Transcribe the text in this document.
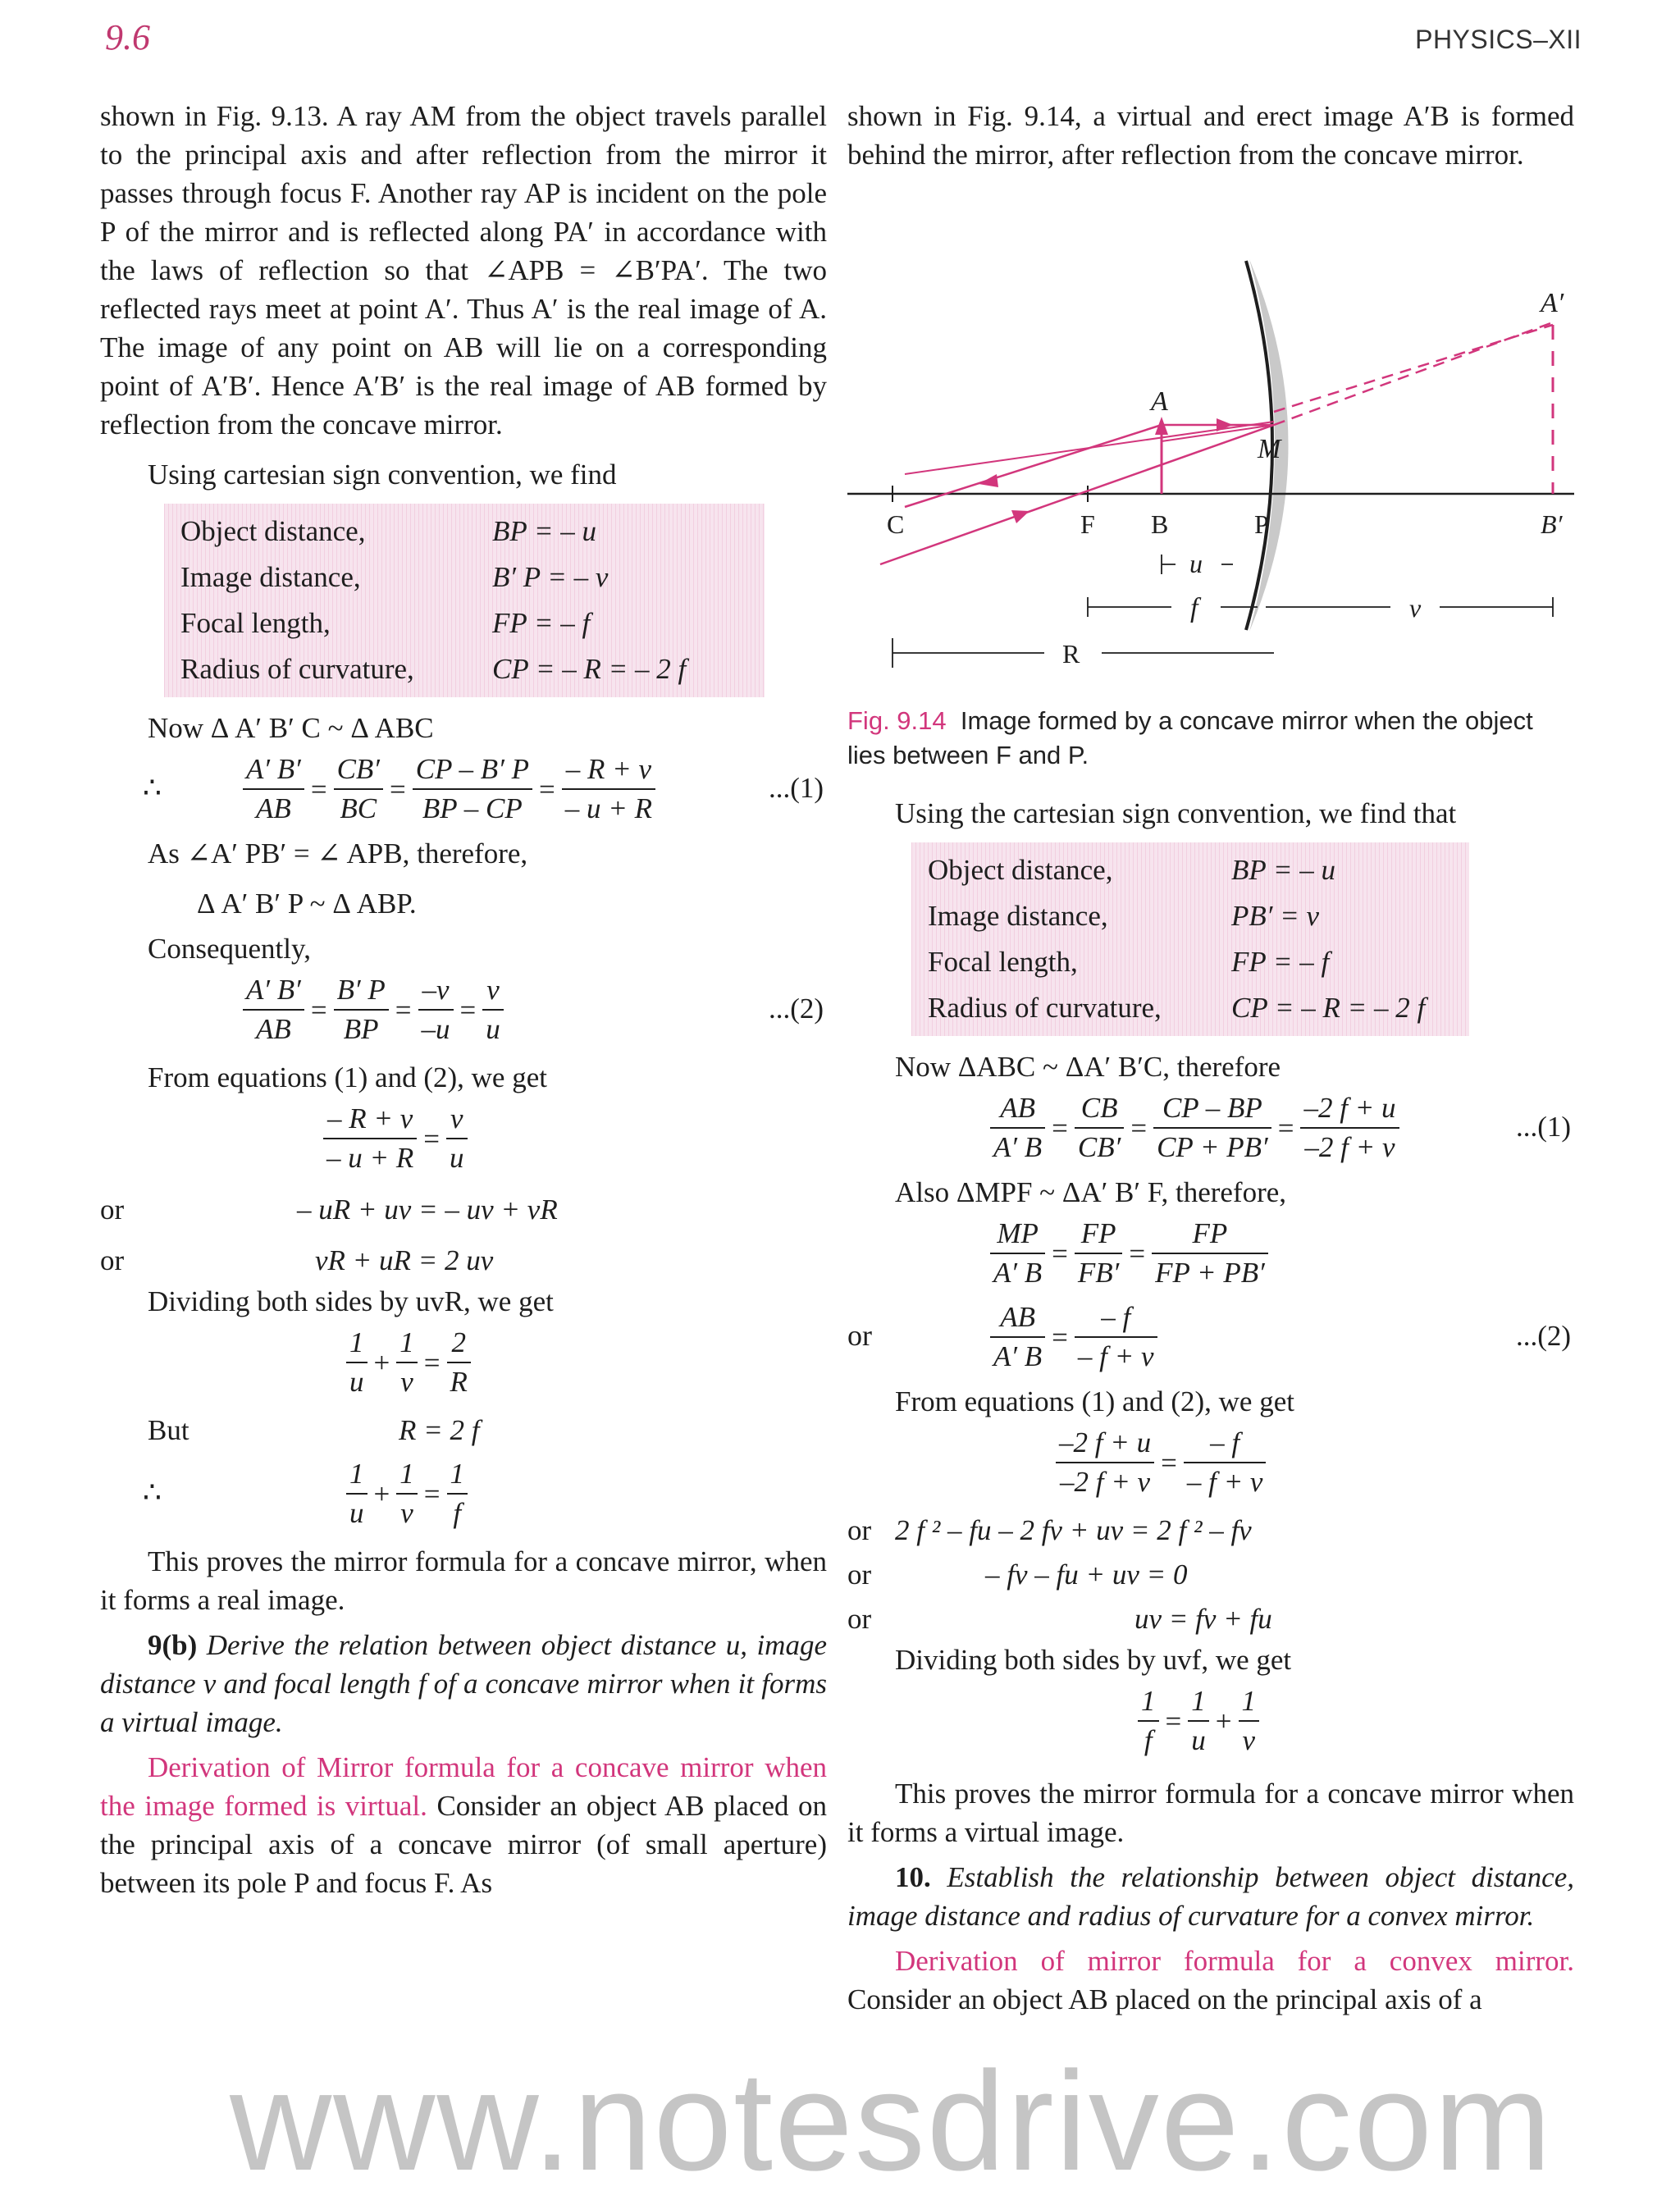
9.6	PHYSICS–XII

shown in Fig. 9.13. A ray AM from the object travels parallel to the principal axis and after reflection from the mirror it passes through focus F. Another ray AP is incident on the pole P of the mirror and is reflected along PA′ in accordance with the laws of reflection so that ∠APB = ∠B′PA′. The two reflected rays meet at point A′. Thus A′ is the real image of A. The image of any point on AB will lie on a corresponding point of A′B′. Hence A′B′ is the real image of AB formed by reflection from the concave mirror.

Using cartesian sign convention, we find

Object distance,	BP = – u
Image distance,	B′ P = – v
Focal length,	FP = – f
Radius of curvature,	CP = – R = – 2 f

Now Δ A′ B′ C ~ Δ ABC

∴	$\frac{A' B'}{AB} = \frac{CB'}{BC} = \frac{CP - B' P}{BP - CP} = \frac{- R + v}{- u + R}$	...(1)

As ∠A′ PB′ = ∠ APB, therefore,

Δ A′ B′ P ~ Δ ABP.

Consequently,

$\frac{A' B'}{AB} = \frac{B' P}{BP} = \frac{-v}{-u} = \frac{v}{u}$	...(2)

From equations (1) and (2), we get

$\frac{- R + v}{- u + R} = \frac{v}{u}$
or	– uR + uv = – uv + vR
or	vR + uR = 2 uv

Dividing both sides by uvR, we get

$\frac{1}{u} + \frac{1}{v} = \frac{2}{R}$
But	R = 2 f
∴	$\frac{1}{u} + \frac{1}{v} = \frac{1}{f}$

This proves the mirror formula for a concave mirror, when it forms a real image.

9(b) Derive the relation between object distance u, image distance v and focal length f of a concave mirror when it forms a virtual image.

Derivation of Mirror formula for a concave mirror when the image formed is virtual. Consider an object AB placed on the principal axis of a concave mirror (of small aperture) between its pole P and focus F. As

shown in Fig. 9.14, a virtual and erect image A′B is formed behind the mirror, after reflection from the concave mirror.

A′
A
M
C	F B	P	B′
u
f	v
R
Fig. 9.14 Image formed by a concave mirror when the object lies between F and P.

Using the cartesian sign convention, we find that

Object distance,	BP = – u
Image distance,	PB′ = v
Focal length,	FP = – f
Radius of curvature,	CP = – R = – 2 f

Now ΔABC ~ ΔA′ B′C, therefore

$\frac{AB}{A' B} = \frac{CB}{CB'} = \frac{CP - BP}{CP + PB'} = \frac{-2 f + u}{-2 f + v}$	...(1)

Also ΔMPF ~ ΔA′ B′ F, therefore,

$\frac{MP}{A' B} = \frac{FP}{FB'} = \frac{FP}{FP + PB'}$
or	$\frac{AB}{A' B} = \frac{- f}{- f + v}$	...(2)

From equations (1) and (2), we get

$\frac{-2 f + u}{-2 f + v} = \frac{- f}{- f + v}$
or 2 f ² – fu – 2 fv + uv = 2 f ² – fv
or	– fv – fu + uv = 0
or	uv = fv + fu

Dividing both sides by uvf, we get

$\frac{1}{f} = \frac{1}{u} + \frac{1}{v}$

This proves the mirror formula for a concave mirror when it forms a virtual image.

10. Establish the relationship between object distance, image distance and radius of curvature for a convex mirror.

Derivation of mirror formula for a convex mirror. Consider an object AB placed on the principal axis of a

www.notesdrive.com
